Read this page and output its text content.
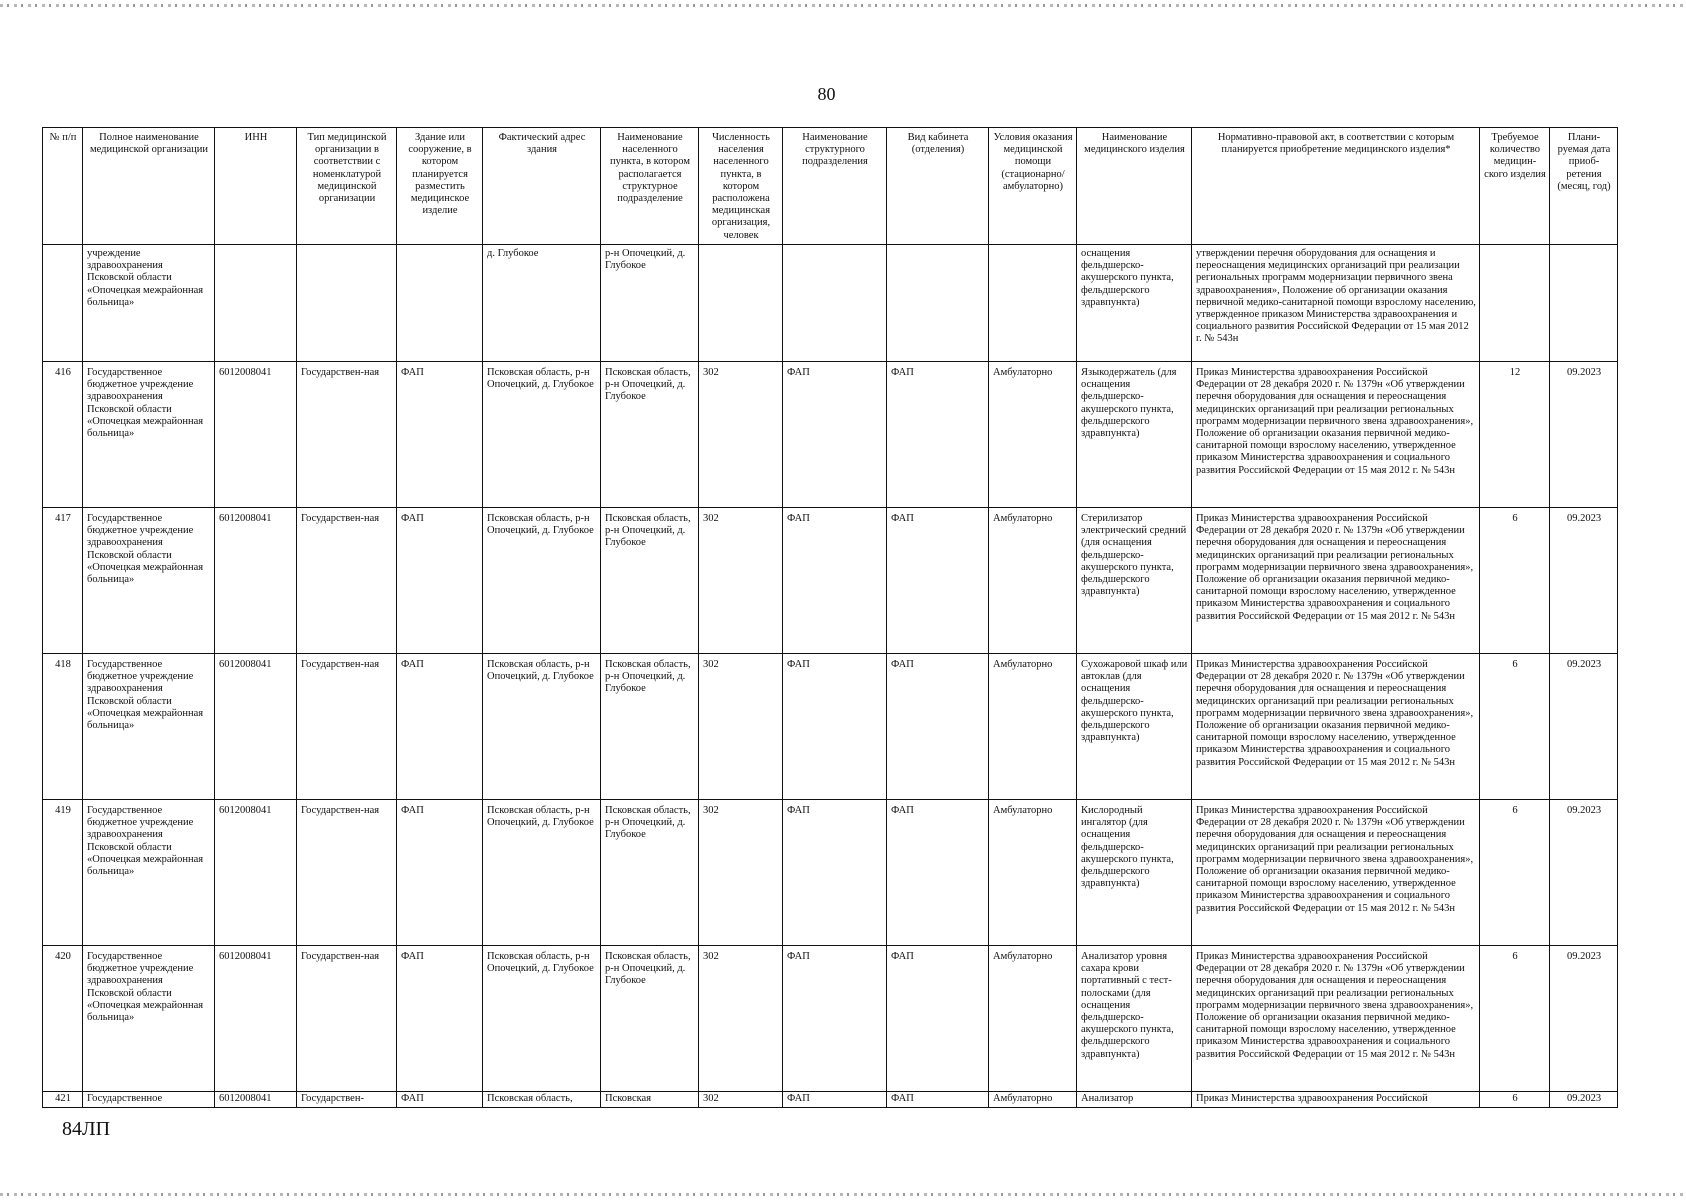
80
№ п/п	Полное наименование медицинской организации	ИНН	Тип медицинской организации в соответствии с номенклатурой медицинской организации	Здание или сооружение, в котором планируется разместить медицинское изделие	Фактический адрес здания	Наименование населенного пункта, в котором располагается структурное подразделение	Численность населения населенного пункта, в котором расположена медицинская организация, человек	Наименование структурного подразделения	Вид кабинета (отделения)	Условия оказания медицинской помощи (стационарно/ амбулаторно)	Наименование медицинского изделия	Нормативно-правовой акт, в соответствии с которым планируется приобретение медицинского изделия*	Требуемое количество медицин-ского изделия	Плани-руемая дата приоб-ретения (месяц, год)
	учреждение здравоохранения Псковской области «Опочецкая межрайонная больница»				д. Глубокое	р-н Опочецкий, д. Глубокое					оснащения фельдшерско-акушерского пункта, фельдшерского здравпункта)	утверждении перечня оборудования для оснащения и переоснащения медицинских организаций при реализации региональных программ модернизации первичного звена здравоохранения», Положение об организации оказания первичной медико-санитарной помощи взрослому населению, утвержденное приказом Министерства здравоохранения и социального развития Российской Федерации от 15 мая 2012 г. № 543н		
416	Государственное бюджетное учреждение здравоохранения Псковской области «Опочецкая межрайонная больница»	6012008041	Государствен-ная	ФАП	Псковская область, р-н Опочецкий, д. Глубокое	Псковская область, р-н Опочецкий, д. Глубокое	302	ФАП	ФАП	Амбулаторно	Языкодержатель (для оснащения фельдшерско-акушерского пункта, фельдшерского здравпункта)	Приказ Министерства здравоохранения Российской Федерации от 28 декабря 2020 г. № 1379н «Об утверждении перечня оборудования для оснащения и переоснащения медицинских организаций при реализации региональных программ модернизации первичного звена здравоохранения», Положение об организации оказания первичной медико-санитарной помощи взрослому населению, утвержденное приказом Министерства здравоохранения и социального развития Российской Федерации от 15 мая 2012 г. № 543н	12	09.2023
417	Государственное бюджетное учреждение здравоохранения Псковской области «Опочецкая межрайонная больница»	6012008041	Государствен-ная	ФАП	Псковская область, р-н Опочецкий, д. Глубокое	Псковская область, р-н Опочецкий, д. Глубокое	302	ФАП	ФАП	Амбулаторно	Стерилизатор электрический средний (для оснащения фельдшерско-акушерского пункта, фельдшерского здравпункта)	Приказ Министерства здравоохранения Российской Федерации от 28 декабря 2020 г. № 1379н «Об утверждении перечня оборудования для оснащения и переоснащения медицинских организаций при реализации региональных программ модернизации первичного звена здравоохранения», Положение об организации оказания первичной медико-санитарной помощи взрослому населению, утвержденное приказом Министерства здравоохранения и социального развития Российской Федерации от 15 мая 2012 г. № 543н	6	09.2023
418	Государственное бюджетное учреждение здравоохранения Псковской области «Опочецкая межрайонная больница»	6012008041	Государствен-ная	ФАП	Псковская область, р-н Опочецкий, д. Глубокое	Псковская область, р-н Опочецкий, д. Глубокое	302	ФАП	ФАП	Амбулаторно	Сухожаровой шкаф или автоклав (для оснащения фельдшерско-акушерского пункта, фельдшерского здравпункта)	Приказ Министерства здравоохранения Российской Федерации от 28 декабря 2020 г. № 1379н «Об утверждении перечня оборудования для оснащения и переоснащения медицинских организаций при реализации региональных программ модернизации первичного звена здравоохранения», Положение об организации оказания первичной медико-санитарной помощи взрослому населению, утвержденное приказом Министерства здравоохранения и социального развития Российской Федерации от 15 мая 2012 г. № 543н	6	09.2023
419	Государственное бюджетное учреждение здравоохранения Псковской области «Опочецкая межрайонная больница»	6012008041	Государствен-ная	ФАП	Псковская область, р-н Опочецкий, д. Глубокое	Псковская область, р-н Опочецкий, д. Глубокое	302	ФАП	ФАП	Амбулаторно	Кислородный ингалятор (для оснащения фельдшерско-акушерского пункта, фельдшерского здравпункта)	Приказ Министерства здравоохранения Российской Федерации от 28 декабря 2020 г. № 1379н «Об утверждении перечня оборудования для оснащения и переоснащения медицинских организаций при реализации региональных программ модернизации первичного звена здравоохранения», Положение об организации оказания первичной медико-санитарной помощи взрослому населению, утвержденное приказом Министерства здравоохранения и социального развития Российской Федерации от 15 мая 2012 г. № 543н	6	09.2023
420	Государственное бюджетное учреждение здравоохранения Псковской области «Опочецкая межрайонная больница»	6012008041	Государствен-ная	ФАП	Псковская область, р-н Опочецкий, д. Глубокое	Псковская область, р-н Опочецкий, д. Глубокое	302	ФАП	ФАП	Амбулаторно	Анализатор уровня сахара крови портативный с тест-полосками (для оснащения фельдшерско-акушерского пункта, фельдшерского здравпункта)	Приказ Министерства здравоохранения Российской Федерации от 28 декабря 2020 г. № 1379н «Об утверждении перечня оборудования для оснащения и переоснащения медицинских организаций при реализации региональных программ модернизации первичного звена здравоохранения», Положение об организации оказания первичной медико-санитарной помощи взрослому населению, утвержденное приказом Министерства здравоохранения и социального развития Российской Федерации от 15 мая 2012 г. № 543н	6	09.2023
421	Государственное	6012008041	Государствен-	ФАП	Псковская область,	Псковская	302	ФАП	ФАП	Амбулаторно	Анализатор	Приказ Министерства здравоохранения Российской	6	09.2023
84ЛП
